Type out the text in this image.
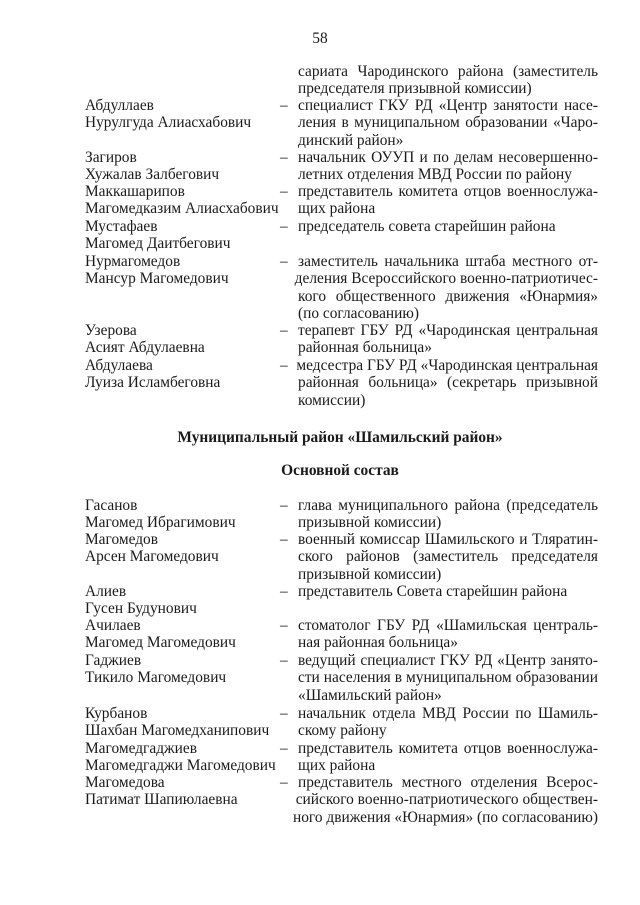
58
сариата Чародинского района (заместитель
председателя призывной комиссии)
Абдуллаев
Нурулгуда Алиасхабович
– специалист ГКУ РД «Центр занятости насе-
ления в муниципальном образовании «Чаро-
динский район»
Загиров
Хужалав Залбегович
– начальник ОУУП и по делам несовершенно-
летних отделения МВД России по району
Маккашарипов
Магомедказим Алиасхабович
– представитель комитета отцов военнослужа-
щих района
Мустафаев
Магомед Даитбегович
– председатель совета старейшин района
Нурмагомедов
Мансур Магомедович
– заместитель начальника штаба местного от-
деления Всероссийского военно-патриотичес-
кого общественного движения «Юнармия»
(по согласованию)
Узерова
Асият Абдулаевна
– терапевт ГБУ РД «Чародинская центральная
районная больница»
Абдулаева
Луиза Исламбеговна
– медсестра ГБУ РД «Чародинская центральная
районная больница» (секретарь призывной
комиссии)
Муниципальный район «Шамильский район»
Основной состав
Гасанов
Магомед Ибрагимович
– глава муниципального района (председатель
призывной комиссии)
Магомедов
Арсен Магомедович
– военный комиссар Шамильского и Тляратин-
ского районов (заместитель председателя
призывной комиссии)
Алиев
Гусен Будунович
– представитель Совета старейшин района
Ачилаев
Магомед Магомедович
– стоматолог ГБУ РД «Шамильская централь-
ная районная больница»
Гаджиев
Тикило Магомедович
– ведущий специалист ГКУ РД «Центр занято-
сти населения в муниципальном образовании
«Шамильский район»
Курбанов
Шахбан Магомедханипович
– начальник отдела МВД России по Шамиль-
скому району
Магомедгаджиев
Магомедгаджи Магомедович
– представитель комитета отцов военнослужа-
щих района
Магомедова
Патимат Шапиюлаевна
– представитель местного отделения Всерос-
сийского военно-патриотического обществен-
ного движения «Юнармия» (по согласованию)
